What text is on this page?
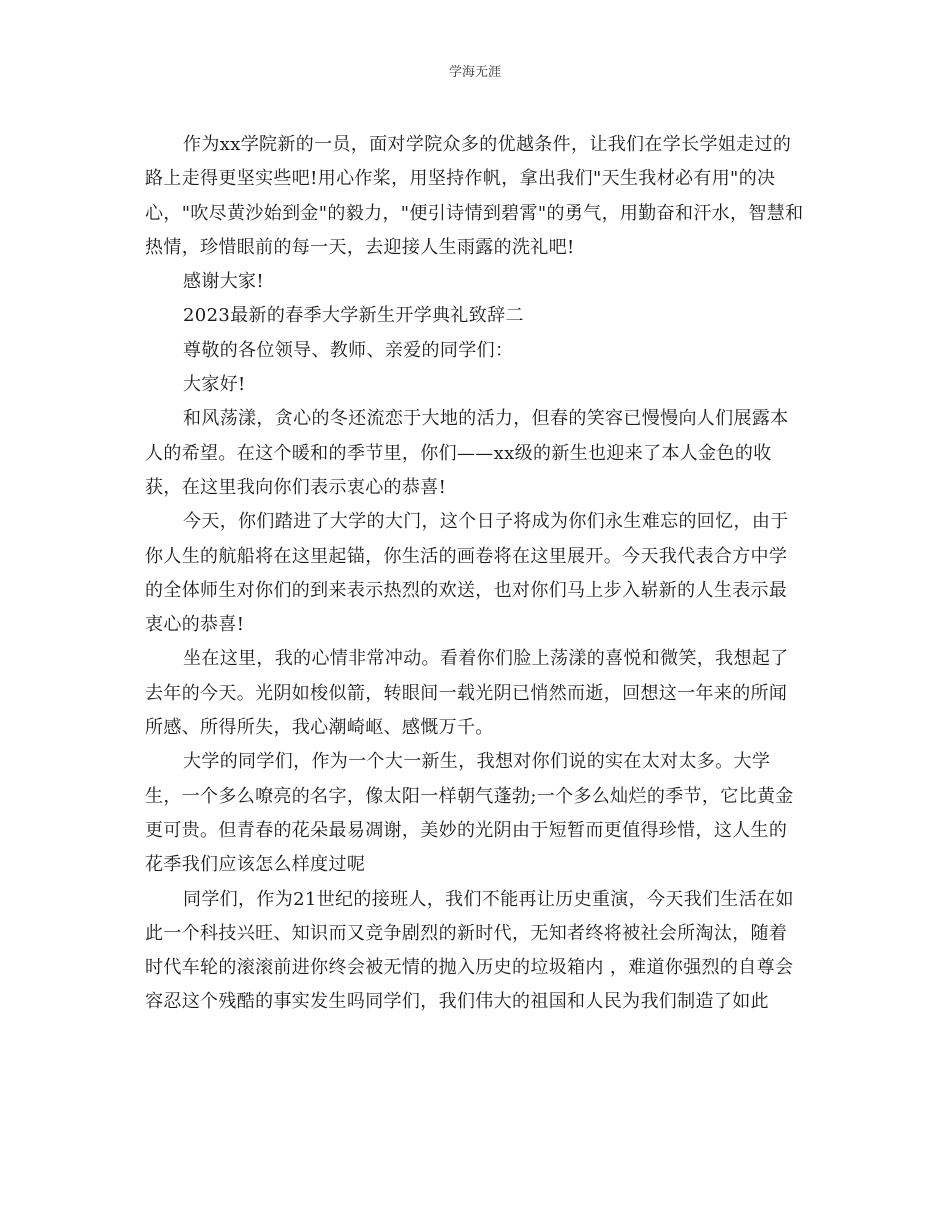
学海无涯

作为xx学院新的一员，面对学院众多的优越条件，让我们在学长学姐走过的路上走得更坚实些吧!用心作桨，用坚持作帆，拿出我们"天生我材必有用"的决心，"吹尽黄沙始到金"的毅力，"便引诗情到碧霄"的勇气，用勤奋和汗水，智慧和热情，珍惜眼前的每一天，去迎接人生雨露的洗礼吧!

感谢大家!

2023最新的春季大学新生开学典礼致辞二

尊敬的各位领导、教师、亲爱的同学们：

大家好!

和风荡漾，贪心的冬还流恋于大地的活力，但春的笑容已慢慢向人们展露本人的希望。在这个暖和的季节里，你们——xx级的新生也迎来了本人金色的收获，在这里我向你们表示衷心的恭喜!

今天，你们踏进了大学的大门，这个日子将成为你们永生难忘的回忆，由于你人生的航船将在这里起锚，你生活的画卷将在这里展开。今天我代表合方中学的全体师生对你们的到来表示热烈的欢送，也对你们马上步入崭新的人生表示最衷心的恭喜!

坐在这里，我的心情非常冲动。看着你们脸上荡漾的喜悦和微笑，我想起了去年的今天。光阴如梭似箭，转眼间一载光阴已悄然而逝，回想这一年来的所闻所感、所得所失，我心潮崎岖、感慨万千。

大学的同学们，作为一个大一新生，我想对你们说的实在太对太多。大学生，一个多么嘹亮的名字，像太阳一样朝气蓬勃;一个多么灿烂的季节，它比黄金更可贵。但青春的花朵最易凋谢，美妙的光阴由于短暂而更值得珍惜，这人生的花季我们应该怎么样度过呢

同学们，作为21世纪的接班人，我们不能再让历史重演，今天我们生活在如此一个科技兴旺、知识而又竞争剧烈的新时代，无知者终将被社会所淘汰，随着时代车轮的滚滚前进你终会被无情的抛入历史的垃圾箱内 ，难道你强烈的自尊会容忍这个残酷的事实发生吗同学们，我们伟大的祖国和人民为我们制造了如此
